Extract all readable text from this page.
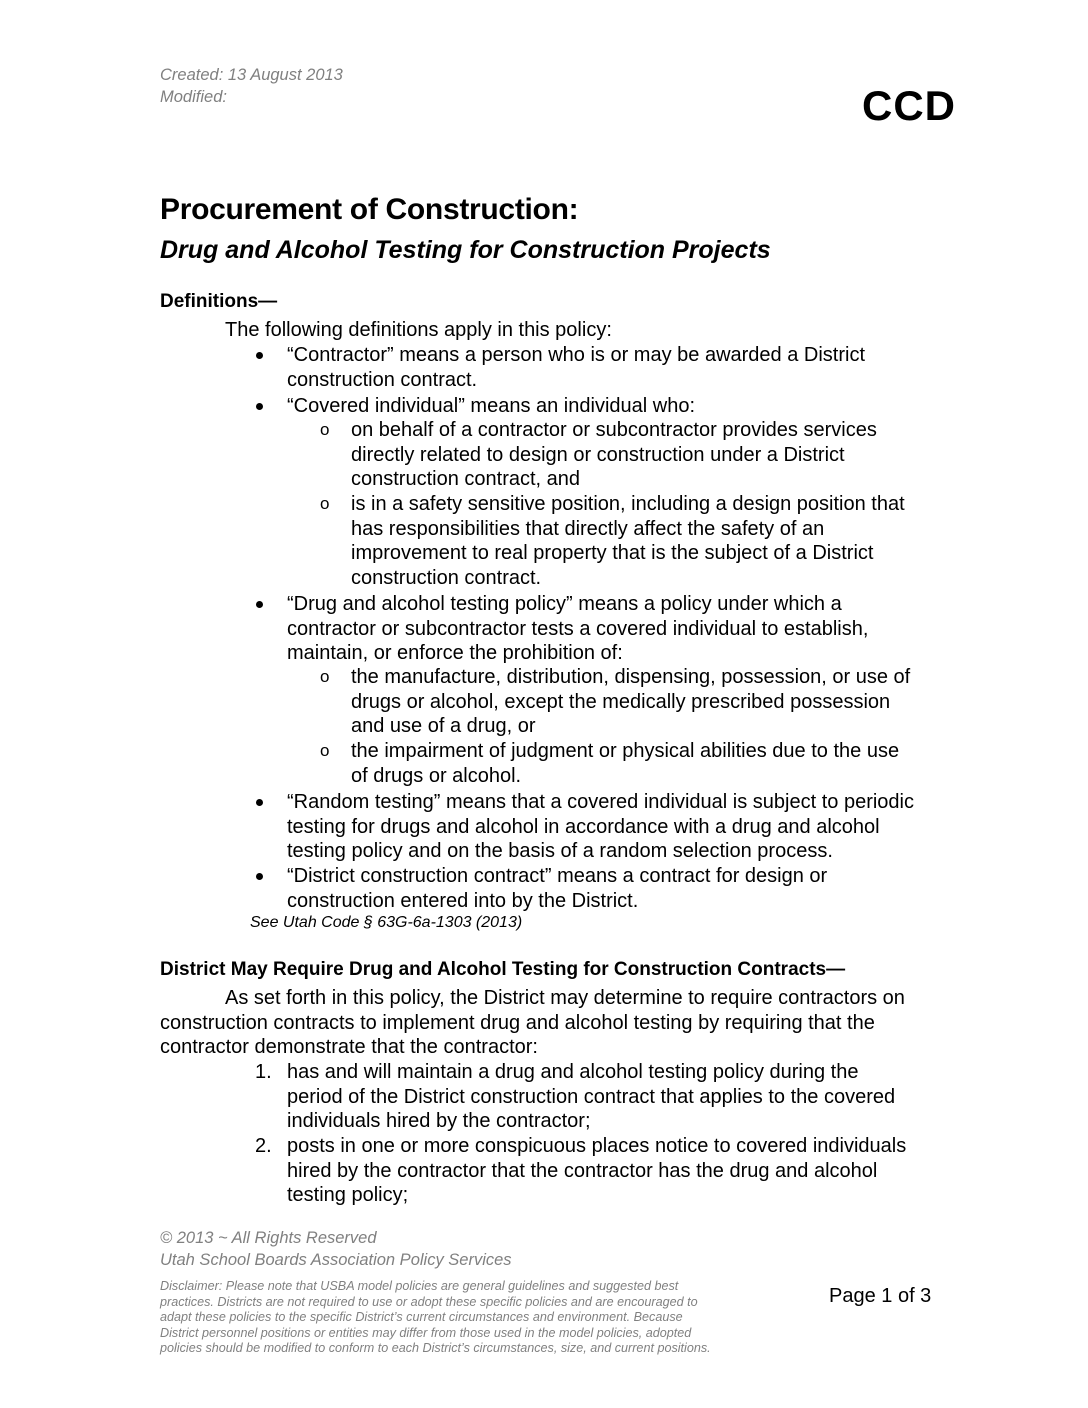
Created: 13 August 2013
Modified:	CCD
Procurement of Construction:
Drug and Alcohol Testing for Construction Projects
Definitions—
The following definitions apply in this policy:
“Contractor” means a person who is or may be awarded a District
construction contract.
“Covered individual” means an individual who:
o on behalf of a contractor or subcontractor provides services
directly related to design or construction under a District
construction contract, and
o is in a safety sensitive position, including a design position that
has responsibilities that directly affect the safety of an
improvement to real property that is the subject of a District
construction contract.
“Drug and alcohol testing policy” means a policy under which a
contractor or subcontractor tests a covered individual to establish,
maintain, or enforce the prohibition of:
o the manufacture, distribution, dispensing, possession, or use of
drugs or alcohol, except the medically prescribed possession
and use of a drug, or
o the impairment of judgment or physical abilities due to the use
of drugs or alcohol.
“Random testing” means that a covered individual is subject to periodic
testing for drugs and alcohol in accordance with a drug and alcohol
testing policy and on the basis of a random selection process.
“District construction contract” means a contract for design or
construction entered into by the District.
See Utah Code § 63G-6a-1303 (2013)
District May Require Drug and Alcohol Testing for Construction Contracts—
As set forth in this policy, the District may determine to require contractors on
construction contracts to implement drug and alcohol testing by requiring that the
contractor demonstrate that the contractor:
1. has and will maintain a drug and alcohol testing policy during the
period of the District construction contract that applies to the covered
individuals hired by the contractor;
2. posts in one or more conspicuous places notice to covered individuals
hired by the contractor that the contractor has the drug and alcohol
testing policy;
© 2013 ~ All Rights Reserved
Utah School Boards Association Policy Services
Disclaimer: Please note that USBA model policies are general guidelines and suggested best
practices. Districts are not required to use or adopt these specific policies and are encouraged to
adapt these policies to the specific District’s current circumstances and environment. Because
District personnel positions or entities may differ from those used in the model policies, adopted
policies should be modified to conform to each District’s circumstances, size, and current positions.
Page 1 of 3
